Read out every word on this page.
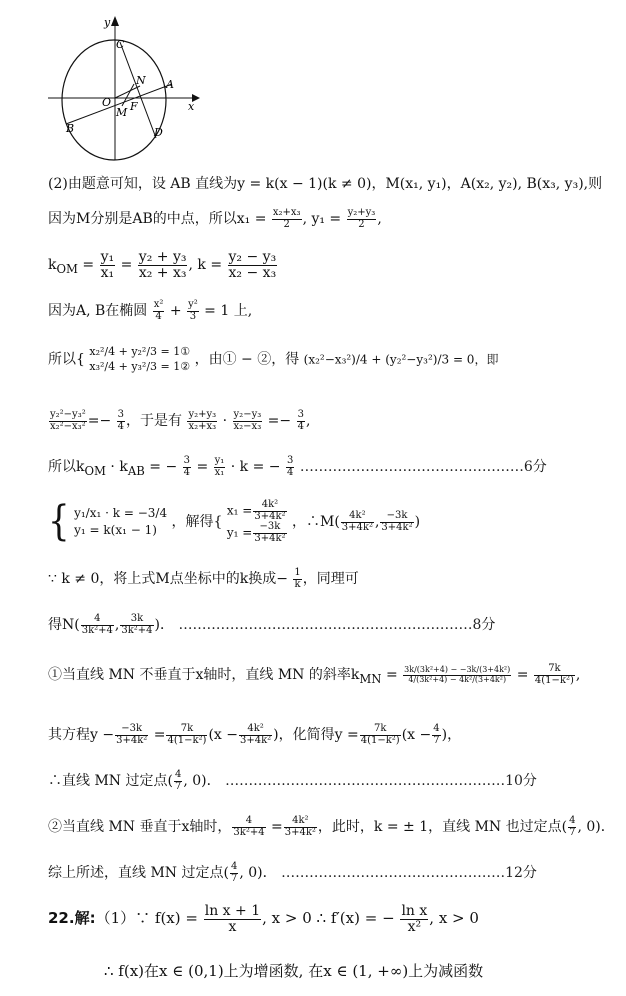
y
C
N A
O
M F	x
B	D
(2)由题意可知，设 AB 直线为y = k(x − 1)(k ≠ 0)，M(x₁, y₁)，A(x₂, y₂), B(x₃, y₃),则
因为M分别是AB的中点，所以$x_1 = \frac{\text{x₂+x₃}}{2}$ , $y_1 = \frac{\text{y₂+y₃}}{2}$ ,
$k_{OM} = \frac{\text{y₁}}{\text{x₁}} = \frac{\text{y₂ + y₃}}{\text{x₂ + x₃}}$ , $k = \frac{\text{y₂ − y₃}}{\text{x₂ − x₃}}$
因为A, B在椭圆 $\frac{\text{x²}}{4} + \frac{\text{y²}}{3} = 1$ 上,
所以{ x₂²/4 + y₂²/3 = 1①
x₃²/4 + y₃²/3 = 1② ，由① − ②，得 (x₂²−x₃²)/4 + (y₂²−y₃²)/3 = 0，即
$\frac{\text{y₂²−y₃²}}{\text{x₂²−x₃²}} =- \frac{3}{4}$ ，于是有 $\frac{\text{y₂+y₃}}{\text{x₂+x₃}} \cdot \frac{\text{y₂−y₃}}{\text{x₂−x₃}} =- \frac{3}{4}$ ,
所以$k_{OM} \cdot k_{AB}$ = − $\frac{3}{4} = \frac{\text{y₁}}{\text{x₁}} \cdot k$ = − $\frac{3}{4}$ …………………………………………6分
{ y₁/x₁ · k = −3/4
y₁ = k(x₁ − 1)	，解得{
$x_1 = \frac{\text{4k²}}{\text{3+4k²}}$
$y_1 = \frac{-3k}{\text{3+4k²}}$ ，∴M( $\frac{\text{4k²}}{\text{3+4k²}}$ , $\frac{-3k}{\text{3+4k²}}$ )
∵ k ≠ 0，将上式M点坐标中的k换成− $\frac{1}{k}$ ，同理可
得$N( \frac{4}{\text{3k²+4}}$ , $\frac{3k}{\text{3k²+4}}$ )． ………………………………………………………8分
①当直线 MN 不垂直于x轴时，直线 MN 的斜率$k_{MN} = \frac{\text{3k/(3k²+4) − −3k/(3+4k²)}}{\text{4/(3k²+4) − 4k²/(3+4k²)}} = \frac{7k}{\text{4(1−k²)}}$ ,
其方程$y - \frac{-3k}{\text{3+4k²}} = \frac{7k}{\text{4(1−k²)}} (x - \frac{\text{4k²}}{\text{3+4k²}}$ )，化简得$y = \frac{7k}{\text{4(1−k²)}} (x - \frac{4}{7}$ )，
∴直线 MN 过定点( $\frac{4}{7}$ , 0)． ……………………………………………………10分
②当直线 MN 垂直于x轴时， $\frac{4}{\text{3k²+4}} = \frac{\text{4k²}}{\text{3+4k²}}$ ，此时，k = ± 1，直线 MN 也过定点( $\frac{4}{7}$ , 0)．
综上所述，直线 MN 过定点( $\frac{4}{7}$ , 0)． …………………………………………12分
22.解:（1）∵ $f(x) = \frac{\text{ln x + 1}}{x}$ , x > 0 ∴ f′(x) = − $\frac{\text{ln x}}{\text{x²}}$ , x > 0
∴ f(x)在x ∈ (0,1)上为增函数, 在x ∈ (1, +∞)上为减函数
